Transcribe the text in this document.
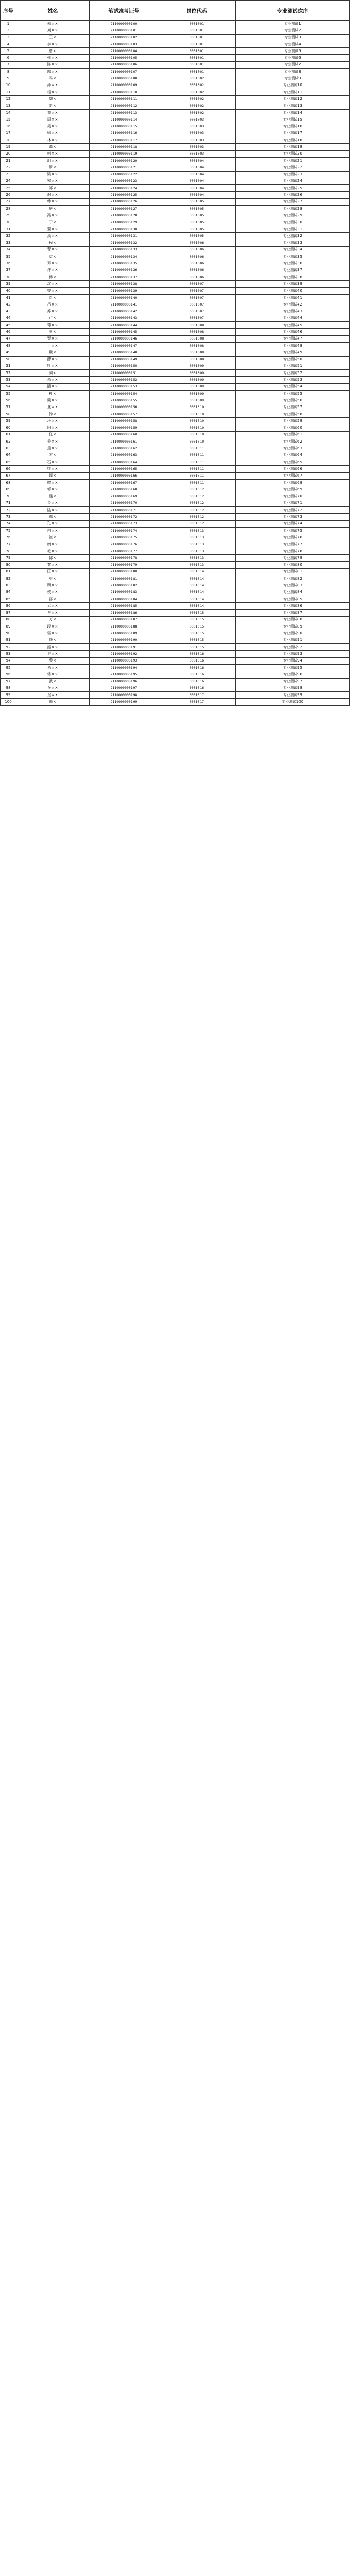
序号	姓名	笔试准考证号	岗位代码	专业测试次序
1	朱××	2110000000100	0001001	专业测试1
2	刘××	2110000000101	0001001	专业测试2
3	王×	2110000000102	0001001	专业测试3
4	李××	2110000000103	0001001	专业测试4
5	曹×	2110000000104	0001001	专业测试5
6	张××	2110000000105	0001001	专业测试6
7	陈××	2110000000106	0001001	专业测试7
8	郭××	2110000000107	0001001	专业测试8
9	马×	2110000000108	0001002	专业测试9
10	孙××	2110000000109	0001002	专业测试10
11	杨××	2110000000110	0001002	专业测试11
12	魏×	2110000000111	0001002	专业测试12
13	赵×	2110000000112	0001002	专业测试13
14	黄××	2110000000113	0001002	专业测试14
15	周××	2110000000114	0001003	专业测试15
16	吴××	2110000000115	0001003	专业测试16
17	徐××	2110000000116	0001003	专业测试17
18	林××	2110000000117	0001003	专业测试18
19	高×	2110000000118	0001003	专业测试19
20	何××	2110000000119	0001003	专业测试20
21	胡××	2110000000120	0001004	专业测试21
22	罗×	2110000000121	0001004	专业测试22
23	梁××	2110000000122	0001004	专业测试23
24	宋××	2110000000123	0001004	专业测试24
25	郑×	2110000000124	0001004	专业测试25
26	谢××	2110000000125	0001004	专业测试26
27	韩××	2110000000126	0001005	专业测试27
28	唐×	2110000000127	0001005	专业测试28
29	冯××	2110000000128	0001005	专业测试29
30	于×	2110000000129	0001005	专业测试30
31	董××	2110000000130	0001005	专业测试31
32	萧××	2110000000131	0001005	专业测试32
33	程×	2110000000132	0001006	专业测试33
34	曹××	2110000000133	0001006	专业测试34
35	袁×	2110000000134	0001006	专业测试35
36	邓××	2110000000135	0001006	专业测试36
37	许××	2110000000136	0001006	专业测试37
38	傅×	2110000000137	0001006	专业测试38
39	沈××	2110000000138	0001007	专业测试39
40	曾××	2110000000139	0001007	专业测试40
41	彭×	2110000000140	0001007	专业测试41
42	吕××	2110000000141	0001007	专业测试42
43	苏××	2110000000142	0001007	专业测试43
44	卢×	2110000000143	0001007	专业测试44
45	蒋××	2110000000144	0001008	专业测试45
46	蔡×	2110000000145	0001008	专业测试46
47	贾××	2110000000146	0001008	专业测试47
48	丁××	2110000000147	0001008	专业测试48
49	魏×	2110000000148	0001008	专业测试49
50	薛××	2110000000149	0001008	专业测试50
51	叶××	2110000000150	0001009	专业测试51
52	阎×	2110000000151	0001009	专业测试52
53	余××	2110000000152	0001009	专业测试53
54	潘××	2110000000153	0001009	专业测试54
55	杜×	2110000000154	0001009	专业测试55
56	戴××	2110000000155	0001009	专业测试56
57	夏××	2110000000156	0001010	专业测试57
58	钟×	2110000000157	0001010	专业测试58
59	汪××	2110000000158	0001010	专业测试59
60	田××	2110000000159	0001010	专业测试60
61	任×	2110000000160	0001010	专业测试61
62	姜××	2110000000161	0001010	专业测试62
63	范××	2110000000162	0001011	专业测试63
64	方×	2110000000163	0001011	专业测试64
65	石××	2110000000164	0001011	专业测试65
66	姚××	2110000000165	0001011	专业测试66
67	谭×	2110000000166	0001011	专业测试67
68	廖××	2110000000167	0001011	专业测试68
69	邹××	2110000000168	0001012	专业测试69
70	熊×	2110000000169	0001012	专业测试70
71	金××	2110000000170	0001012	专业测试71
72	陆××	2110000000171	0001012	专业测试72
73	郝×	2110000000172	0001012	专业测试73
74	孔××	2110000000173	0001012	专业测试74
75	白××	2110000000174	0001013	专业测试75
76	崔×	2110000000175	0001013	专业测试76
77	康××	2110000000176	0001013	专业测试77
78	毛××	2110000000177	0001013	专业测试78
79	邱×	2110000000178	0001013	专业测试79
80	秦××	2110000000179	0001013	专业测试80
81	江××	2110000000180	0001014	专业测试81
82	史×	2110000000181	0001014	专业测试82
83	顾××	2110000000182	0001014	专业测试83
84	侯××	2110000000183	0001014	专业测试84
85	邵×	2110000000184	0001014	专业测试85
86	孟××	2110000000185	0001014	专业测试86
87	龙××	2110000000186	0001015	专业测试87
88	万×	2110000000187	0001015	专业测试88
89	段××	2110000000188	0001015	专业测试89
90	雷××	2110000000189	0001015	专业测试90
91	钱×	2110000000190	0001015	专业测试91
92	汤××	2110000000191	0001015	专业测试92
93	尹××	2110000000192	0001016	专业测试93
94	黎×	2110000000193	0001016	专业测试94
95	易××	2110000000194	0001016	专业测试95
96	常××	2110000000195	0001016	专业测试96
97	武×	2110000000196	0001016	专业测试97
98	乔××	2110000000197	0001016	专业测试98
99	贺××	2110000000198	0001017	专业测试99
100	赖×	2110000000199	0001017	专业测试100
